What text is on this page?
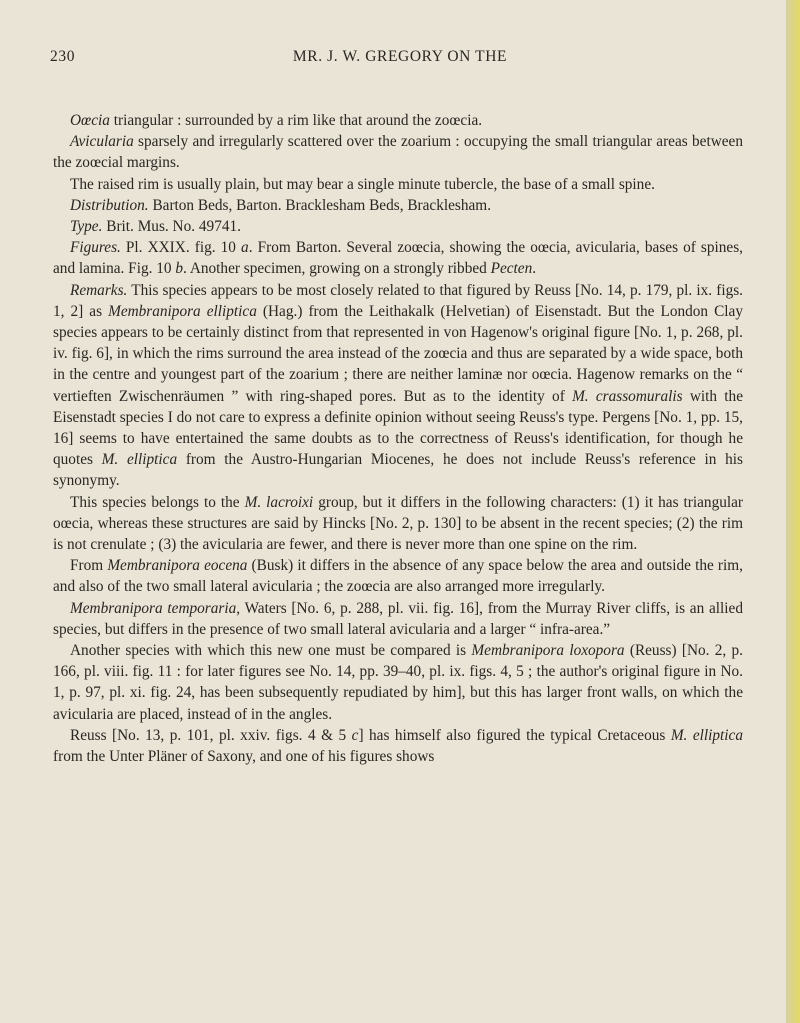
230	MR. J. W. GREGORY ON THE

Oœcia triangular : surrounded by a rim like that around the zoœcia.

Avicularia sparsely and irregularly scattered over the zoarium : occupying the small triangular areas between the zoœcial margins.

The raised rim is usually plain, but may bear a single minute tubercle, the base of a small spine.

Distribution. Barton Beds, Barton. Bracklesham Beds, Bracklesham.

Type. Brit. Mus. No. 49741.

Figures. Pl. XXIX. fig. 10 a. From Barton. Several zoœcia, showing the oœcia, avicularia, bases of spines, and lamina. Fig. 10 b. Another specimen, growing on a strongly ribbed Pecten.

Remarks. This species appears to be most closely related to that figured by Reuss [No. 14, p. 179, pl. ix. figs. 1, 2] as Membranipora elliptica (Hag.) from the Leithakalk (Helvetian) of Eisenstadt. But the London Clay species appears to be certainly distinct from that represented in von Hagenow's original figure [No. 1, p. 268, pl. iv. fig. 6], in which the rims surround the area instead of the zoœcia and thus are separated by a wide space, both in the centre and youngest part of the zoarium ; there are neither laminæ nor oœcia. Hagenow remarks on the “ vertieften Zwischenräumen ” with ring-shaped pores. But as to the identity of M. crassomuralis with the Eisenstadt species I do not care to express a definite opinion without seeing Reuss's type. Pergens [No. 1, pp. 15, 16] seems to have entertained the same doubts as to the correctness of Reuss's identification, for though he quotes M. elliptica from the Austro-Hungarian Miocenes, he does not include Reuss's reference in his synonymy.

This species belongs to the M. lacroixi group, but it differs in the following characters: (1) it has triangular oœcia, whereas these structures are said by Hincks [No. 2, p. 130] to be absent in the recent species; (2) the rim is not crenulate ; (3) the avicularia are fewer, and there is never more than one spine on the rim.

From Membranipora eocena (Busk) it differs in the absence of any space below the area and outside the rim, and also of the two small lateral avicularia ; the zoœcia are also arranged more irregularly.

Membranipora temporaria, Waters [No. 6, p. 288, pl. vii. fig. 16], from the Murray River cliffs, is an allied species, but differs in the presence of two small lateral avicularia and a larger “ infra-area.”

Another species with which this new one must be compared is Membranipora loxopora (Reuss) [No. 2, p. 166, pl. viii. fig. 11 : for later figures see No. 14, pp. 39–40, pl. ix. figs. 4, 5 ; the author's original figure in No. 1, p. 97, pl. xi. fig. 24, has been subsequently repudiated by him], but this has larger front walls, on which the avicularia are placed, instead of in the angles.

Reuss [No. 13, p. 101, pl. xxiv. figs. 4 & 5 c] has himself also figured the typical Cretaceous M. elliptica from the Unter Pläner of Saxony, and one of his figures shows
